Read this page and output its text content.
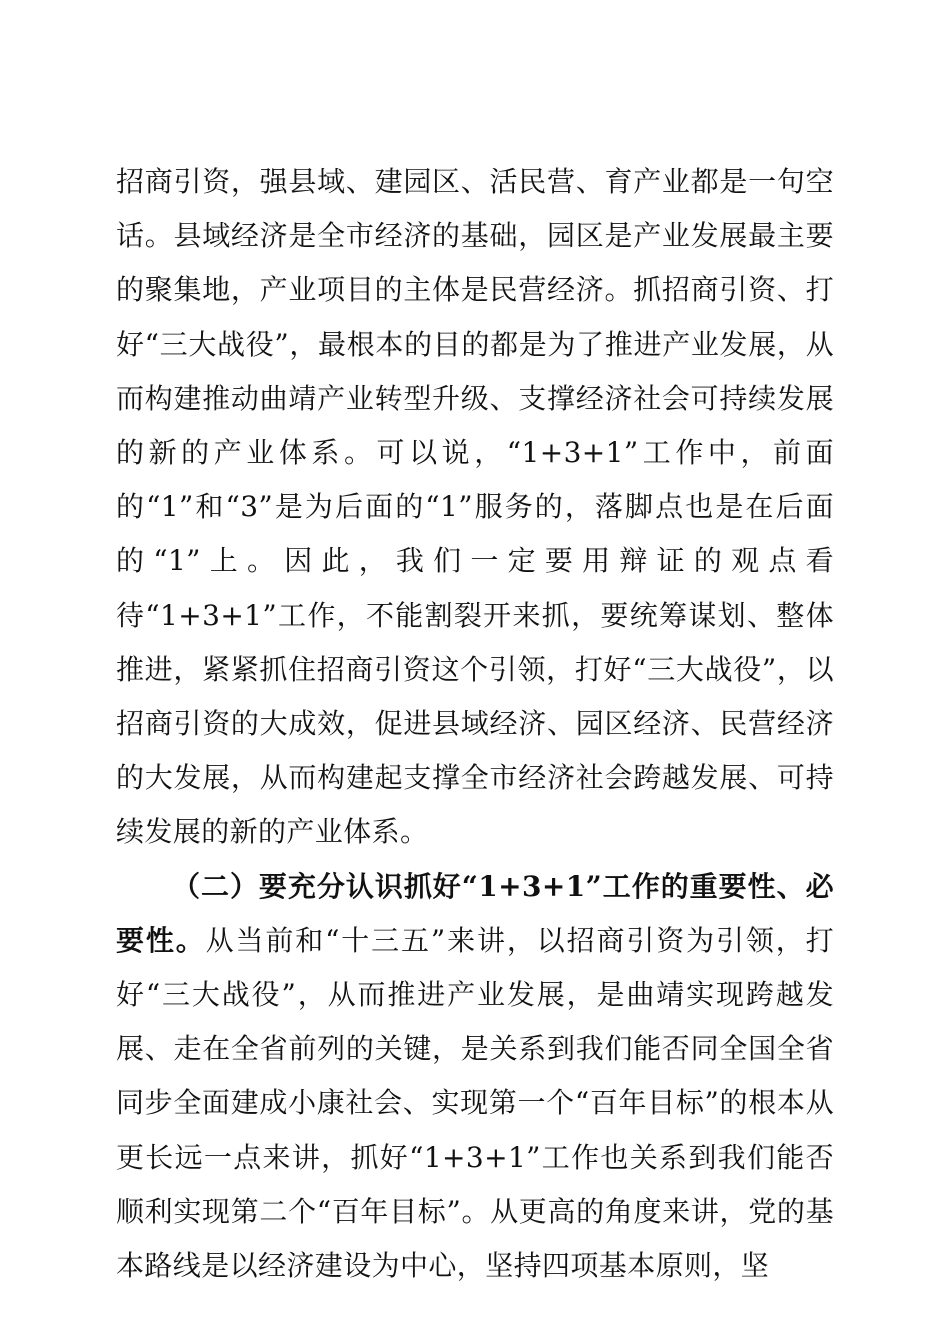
招商引资，强县域、建园区、活民营、育产业都是一句空话。县域经济是全市经济的基础，园区是产业发展最主要的聚集地，产业项目的主体是民营经济。抓招商引资、打好“三大战役”，最根本的目的都是为了推进产业发展，从而构建推动曲靖产业转型升级、支撑经济社会可持续发展的新的产业体系。可以说，“1+3+1”工作中，前面的“1”和“3”是为后面的“1”服务的，落脚点也是在后面的“1”上。因此，我们一定要用辩证的观点看待“1+3+1”工作，不能割裂开来抓，要统筹谋划、整体推进，紧紧抓住招商引资这个引领，打好“三大战役”，以招商引资的大成效，促进县域经济、园区经济、民营经济的大发展，从而构建起支撑全市经济社会跨越发展、可持续发展的新的产业体系。

（二）要充分认识抓好“1+3+1”工作的重要性、必要性。从当前和“十三五”来讲，以招商引资为引领，打好“三大战役”，从而推进产业发展，是曲靖实现跨越发展、走在全省前列的关键，是关系到我们能否同全国全省同步全面建成小康社会、实现第一个“百年目标”的根本从更长远一点来讲，抓好“1+3+1”工作也关系到我们能否顺利实现第二个“百年目标”。从更高的角度来讲，党的基本路线是以经济建设为中心，坚持四项基本原则，坚
